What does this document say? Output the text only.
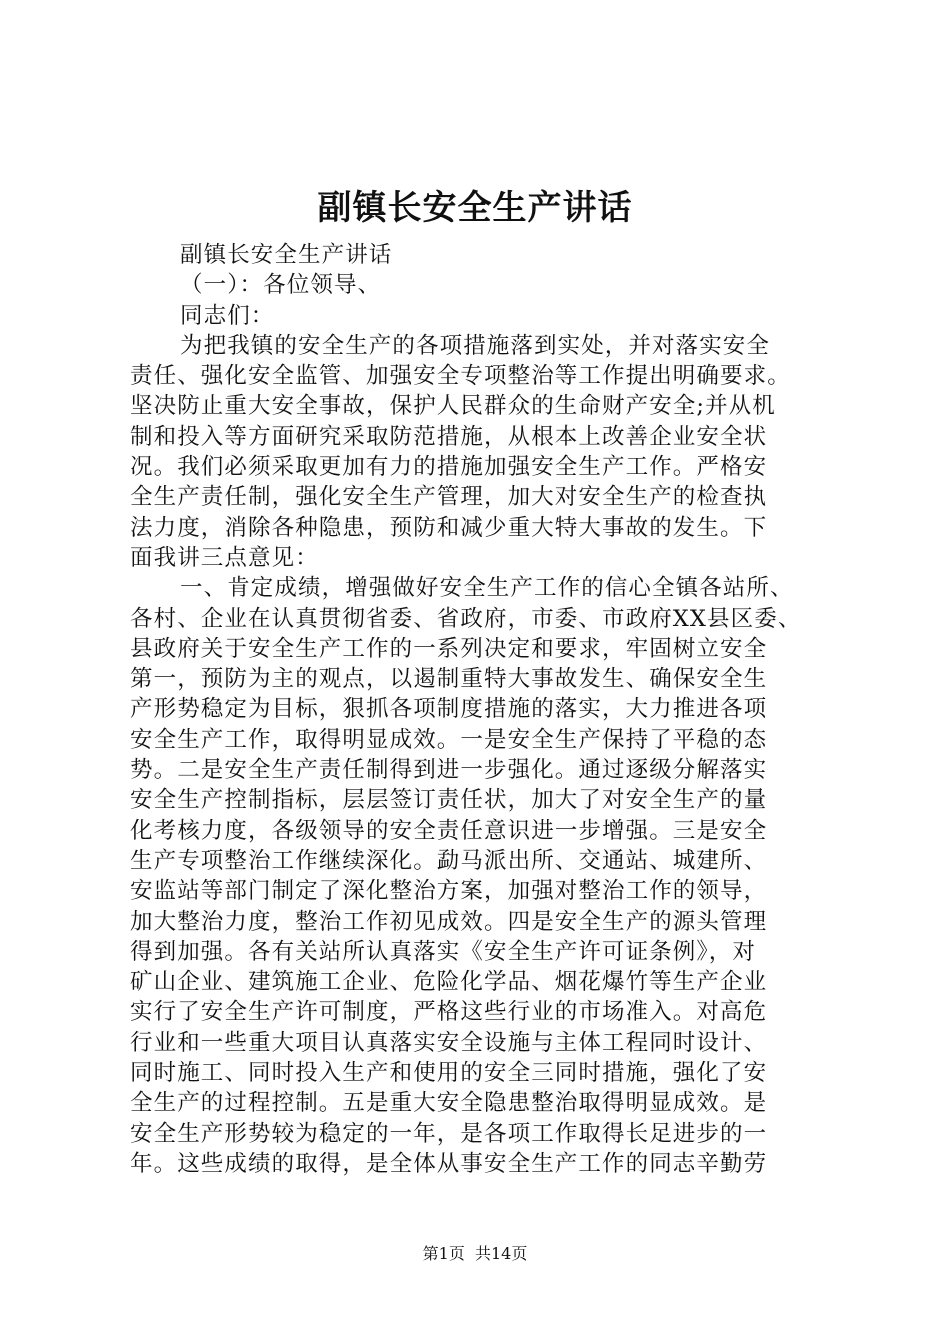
副镇长安全生产讲话
副镇长安全生产讲话
（一）：各位领导、
同志们：
为把我镇的安全生产的各项措施落到实处，并对落实安全
责任、强化安全监管、加强安全专项整治等工作提出明确要求。
坚决防止重大安全事故，保护人民群众的生命财产安全;并从机
制和投入等方面研究采取防范措施，从根本上改善企业安全状
况。我们必须采取更加有力的措施加强安全生产工作。严格安
全生产责任制，强化安全生产管理，加大对安全生产的检查执
法力度，消除各种隐患，预防和减少重大特大事故的发生。下
面我讲三点意见：
一、肯定成绩，增强做好安全生产工作的信心全镇各站所、
各村、企业在认真贯彻省委、省政府，市委、市政府XX县区委、
县政府关于安全生产工作的一系列决定和要求，牢固树立安全
第一，预防为主的观点，以遏制重特大事故发生、确保安全生
产形势稳定为目标，狠抓各项制度措施的落实，大力推进各项
安全生产工作，取得明显成效。一是安全生产保持了平稳的态
势。二是安全生产责任制得到进一步强化。通过逐级分解落实
安全生产控制指标，层层签订责任状，加大了对安全生产的量
化考核力度，各级领导的安全责任意识进一步增强。三是安全
生产专项整治工作继续深化。勐马派出所、交通站、城建所、
安监站等部门制定了深化整治方案，加强对整治工作的领导，
加大整治力度，整治工作初见成效。四是安全生产的源头管理
得到加强。各有关站所认真落实《安全生产许可证条例》，对
矿山企业、建筑施工企业、危险化学品、烟花爆竹等生产企业
实行了安全生产许可制度，严格这些行业的市场准入。对高危
行业和一些重大项目认真落实安全设施与主体工程同时设计、
同时施工、同时投入生产和使用的安全三同时措施，强化了安
全生产的过程控制。五是重大安全隐患整治取得明显成效。是
安全生产形势较为稳定的一年，是各项工作取得长足进步的一
年。这些成绩的取得，是全体从事安全生产工作的同志辛勤劳
第1页  共14页
